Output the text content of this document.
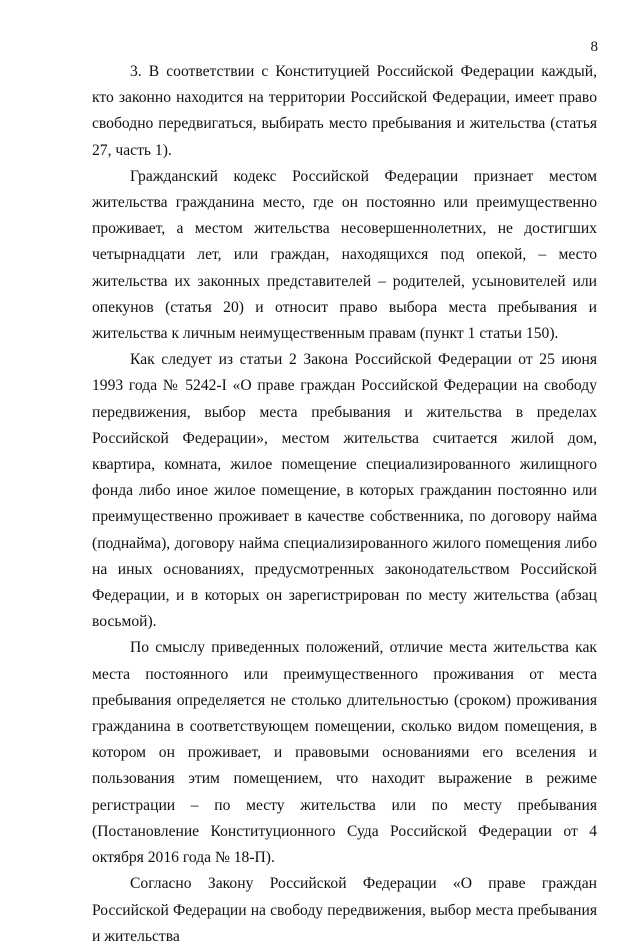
8

3. В соответствии с Конституцией Российской Федерации каждый, кто законно находится на территории Российской Федерации, имеет право свободно передвигаться, выбирать место пребывания и жительства (статья 27, часть 1).

Гражданский кодекс Российской Федерации признает местом жительства гражданина место, где он постоянно или преимущественно проживает, а местом жительства несовершеннолетних, не достигших четырнадцати лет, или граждан, находящихся под опекой, – место жительства их законных представителей – родителей, усыновителей или опекунов (статья 20) и относит право выбора места пребывания и жительства к личным неимущественным правам (пункт 1 статьи 150).

Как следует из статьи 2 Закона Российской Федерации от 25 июня 1993 года № 5242-I «О праве граждан Российской Федерации на свободу передвижения, выбор места пребывания и жительства в пределах Российской Федерации», местом жительства считается жилой дом, квартира, комната, жилое помещение специализированного жилищного фонда либо иное жилое помещение, в которых гражданин постоянно или преимущественно проживает в качестве собственника, по договору найма (поднайма), договору найма специализированного жилого помещения либо на иных основаниях, предусмотренных законодательством Российской Федерации, и в которых он зарегистрирован по месту жительства (абзац восьмой).

По смыслу приведенных положений, отличие места жительства как места постоянного или преимущественного проживания от места пребывания определяется не столько длительностью (сроком) проживания гражданина в соответствующем помещении, сколько видом помещения, в котором он проживает, и правовыми основаниями его вселения и пользования этим помещением, что находит выражение в режиме регистрации – по месту жительства или по месту пребывания (Постановление Конституционного Суда Российской Федерации от 4 октября 2016 года № 18-П).

Согласно Закону Российской Федерации «О праве граждан Российской Федерации на свободу передвижения, выбор места пребывания и жительства
